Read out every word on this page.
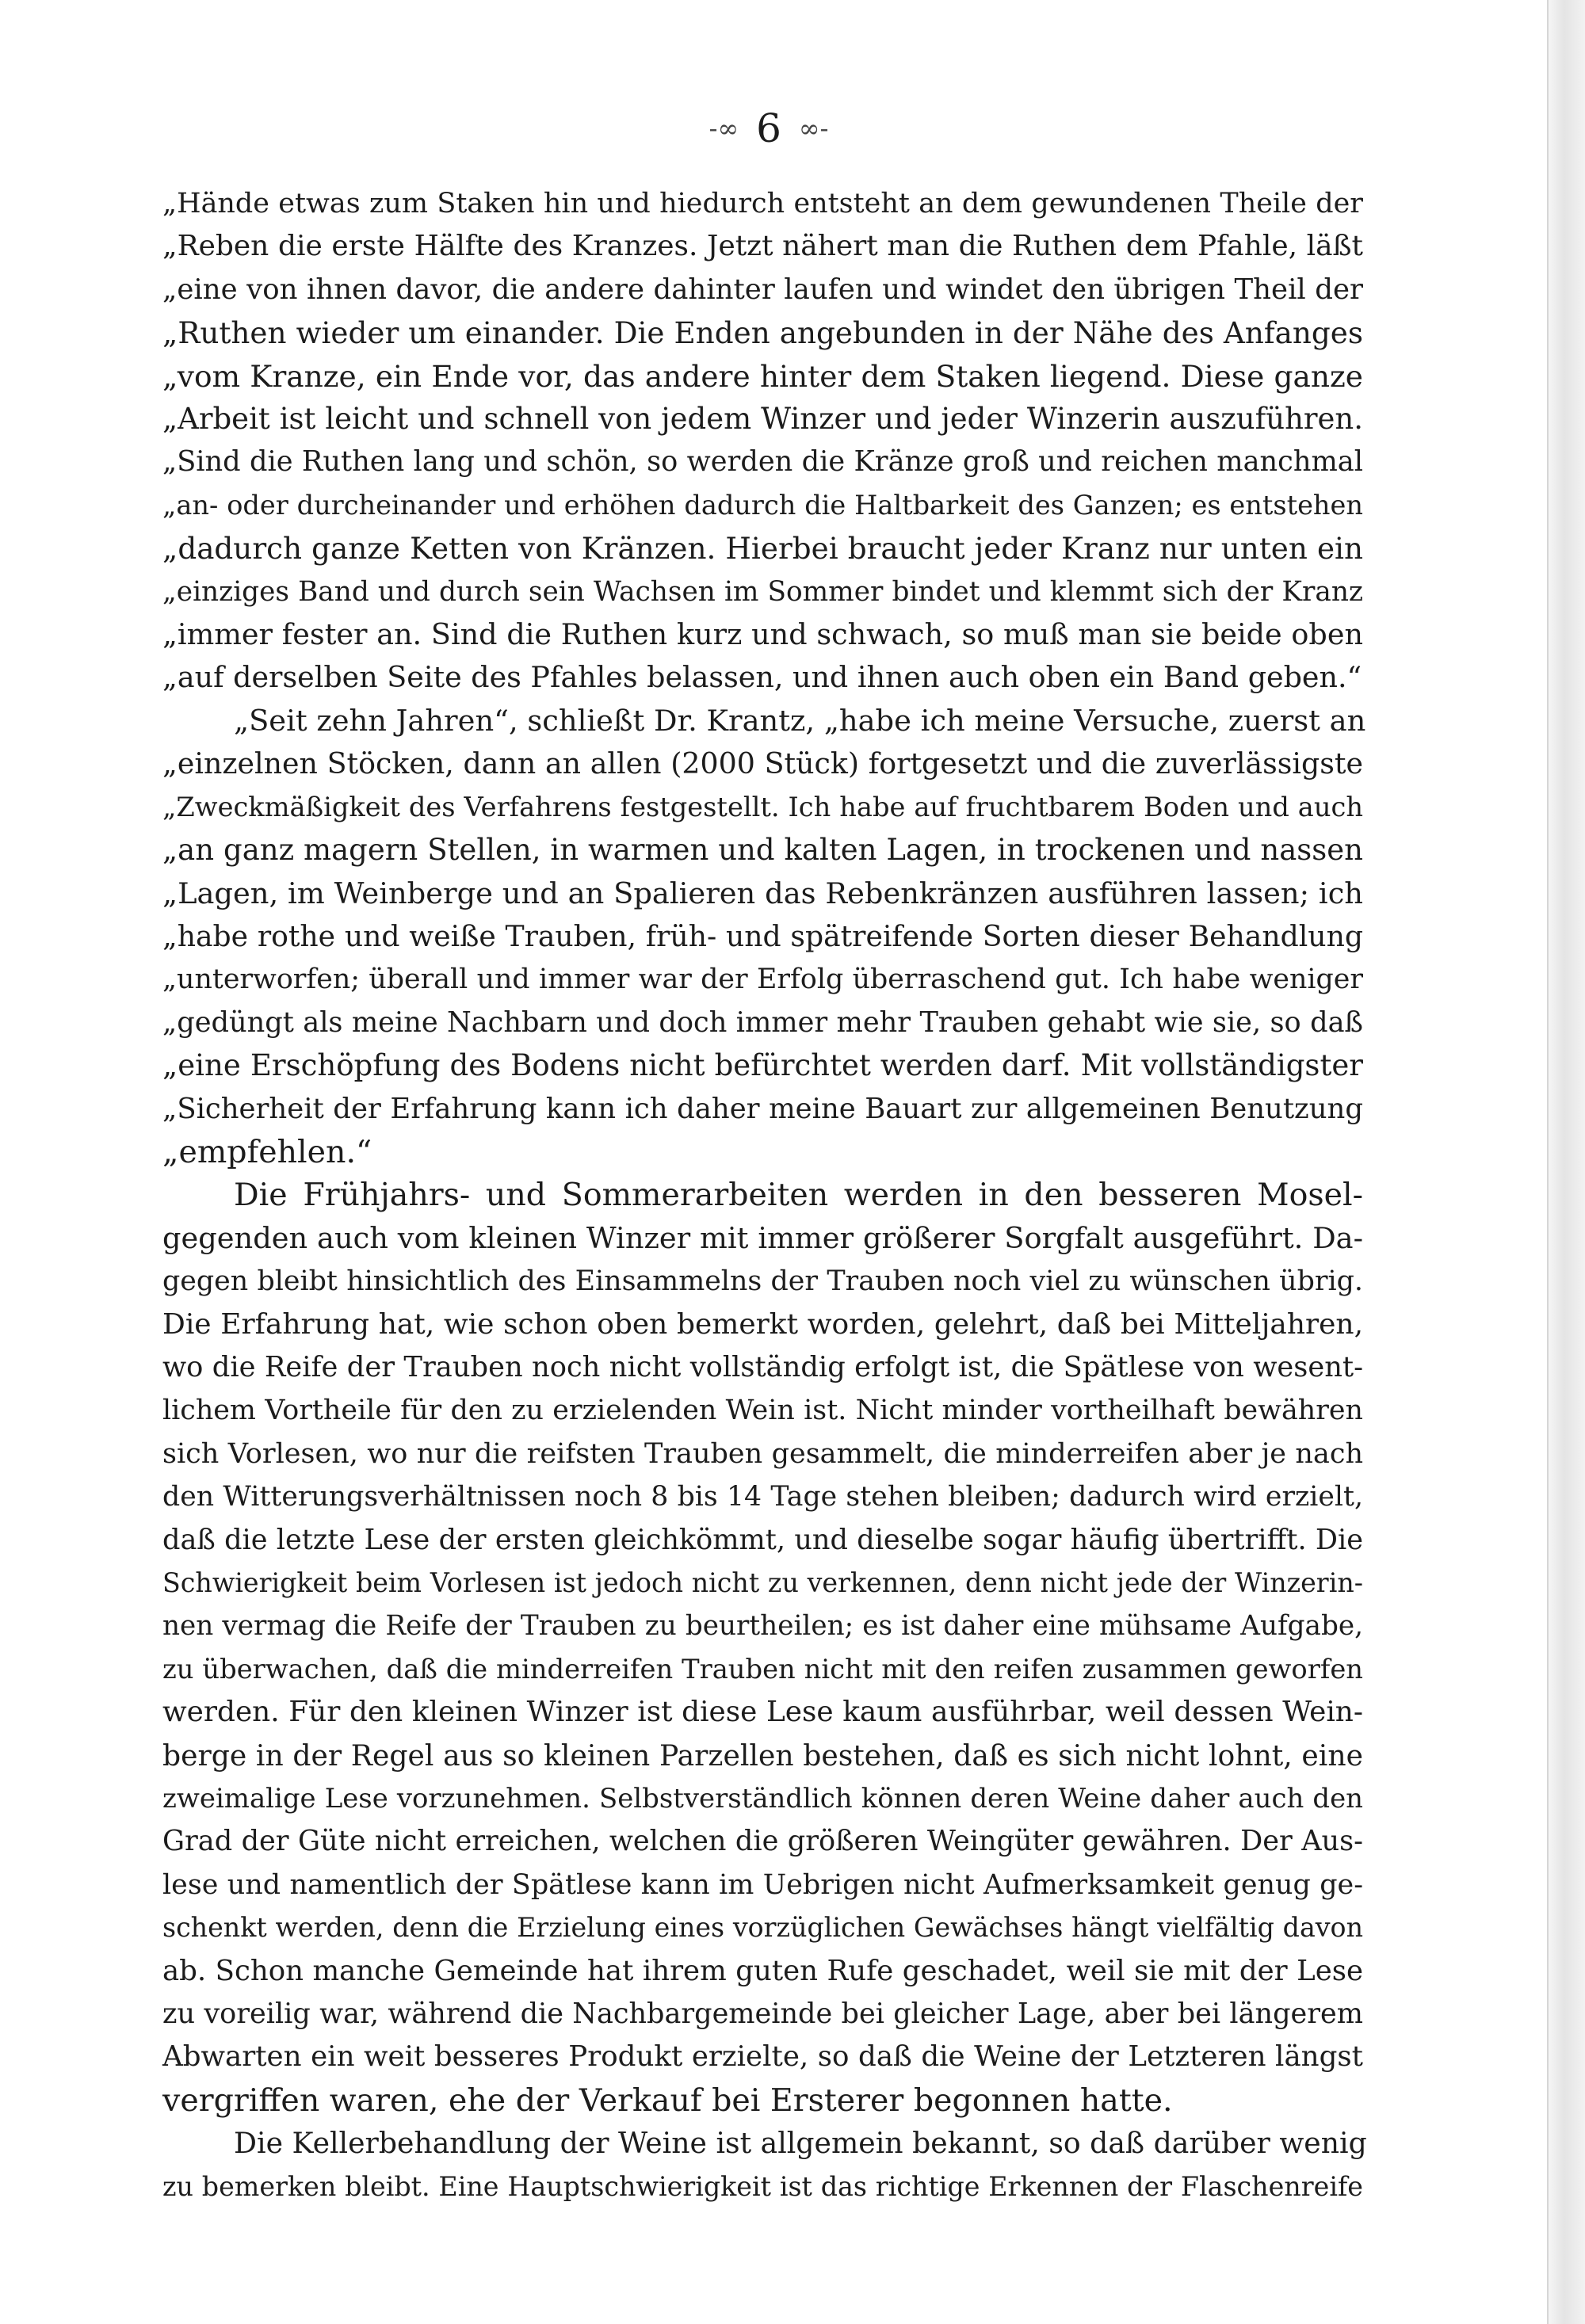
-∞ 6 ∞-
„Hände etwas zum Staken hin und hiedurch entsteht an dem gewundenen Theile der
„Reben die erste Hälfte des Kranzes. Jetzt nähert man die Ruthen dem Pfahle, läßt
„eine von ihnen davor, die andere dahinter laufen und windet den übrigen Theil der
„Ruthen wieder um einander. Die Enden angebunden in der Nähe des Anfanges
„vom Kranze, ein Ende vor, das andere hinter dem Staken liegend. Diese ganze
„Arbeit ist leicht und schnell von jedem Winzer und jeder Winzerin auszuführen.
„Sind die Ruthen lang und schön, so werden die Kränze groß und reichen manchmal
„an- oder durcheinander und erhöhen dadurch die Haltbarkeit des Ganzen; es entstehen
„dadurch ganze Ketten von Kränzen. Hierbei braucht jeder Kranz nur unten ein
„einziges Band und durch sein Wachsen im Sommer bindet und klemmt sich der Kranz
„immer fester an. Sind die Ruthen kurz und schwach, so muß man sie beide oben
„auf derselben Seite des Pfahles belassen, und ihnen auch oben ein Band geben.“
„Seit zehn Jahren“, schließt Dr. Krantz, „habe ich meine Versuche, zuerst an
„einzelnen Stöcken, dann an allen (2000 Stück) fortgesetzt und die zuverlässigste
„Zweckmäßigkeit des Verfahrens festgestellt. Ich habe auf fruchtbarem Boden und auch
„an ganz magern Stellen, in warmen und kalten Lagen, in trockenen und nassen
„Lagen, im Weinberge und an Spalieren das Rebenkränzen ausführen lassen; ich
„habe rothe und weiße Trauben, früh- und spätreifende Sorten dieser Behandlung
„unterworfen; überall und immer war der Erfolg überraschend gut. Ich habe weniger
„gedüngt als meine Nachbarn und doch immer mehr Trauben gehabt wie sie, so daß
„eine Erschöpfung des Bodens nicht befürchtet werden darf. Mit vollständigster
„Sicherheit der Erfahrung kann ich daher meine Bauart zur allgemeinen Benutzung
„empfehlen.“
Die Frühjahrs- und Sommerarbeiten werden in den besseren Mosel-
gegenden auch vom kleinen Winzer mit immer größerer Sorgfalt ausgeführt. Da-
gegen bleibt hinsichtlich des Einsammelns der Trauben noch viel zu wünschen übrig.
Die Erfahrung hat, wie schon oben bemerkt worden, gelehrt, daß bei Mitteljahren,
wo die Reife der Trauben noch nicht vollständig erfolgt ist, die Spätlese von wesent-
lichem Vortheile für den zu erzielenden Wein ist. Nicht minder vortheilhaft bewähren
sich Vorlesen, wo nur die reifsten Trauben gesammelt, die minderreifen aber je nach
den Witterungsverhältnissen noch 8 bis 14 Tage stehen bleiben; dadurch wird erzielt,
daß die letzte Lese der ersten gleichkömmt, und dieselbe sogar häufig übertrifft. Die
Schwierigkeit beim Vorlesen ist jedoch nicht zu verkennen, denn nicht jede der Winzerin-
nen vermag die Reife der Trauben zu beurtheilen; es ist daher eine mühsame Aufgabe,
zu überwachen, daß die minderreifen Trauben nicht mit den reifen zusammen geworfen
werden. Für den kleinen Winzer ist diese Lese kaum ausführbar, weil dessen Wein-
berge in der Regel aus so kleinen Parzellen bestehen, daß es sich nicht lohnt, eine
zweimalige Lese vorzunehmen. Selbstverständlich können deren Weine daher auch den
Grad der Güte nicht erreichen, welchen die größeren Weingüter gewähren. Der Aus-
lese und namentlich der Spätlese kann im Uebrigen nicht Aufmerksamkeit genug ge-
schenkt werden, denn die Erzielung eines vorzüglichen Gewächses hängt vielfältig davon
ab. Schon manche Gemeinde hat ihrem guten Rufe geschadet, weil sie mit der Lese
zu voreilig war, während die Nachbargemeinde bei gleicher Lage, aber bei längerem
Abwarten ein weit besseres Produkt erzielte, so daß die Weine der Letzteren längst
vergriffen waren, ehe der Verkauf bei Ersterer begonnen hatte.
Die Kellerbehandlung der Weine ist allgemein bekannt, so daß darüber wenig
zu bemerken bleibt. Eine Hauptschwierigkeit ist das richtige Erkennen der Flaschenreife
